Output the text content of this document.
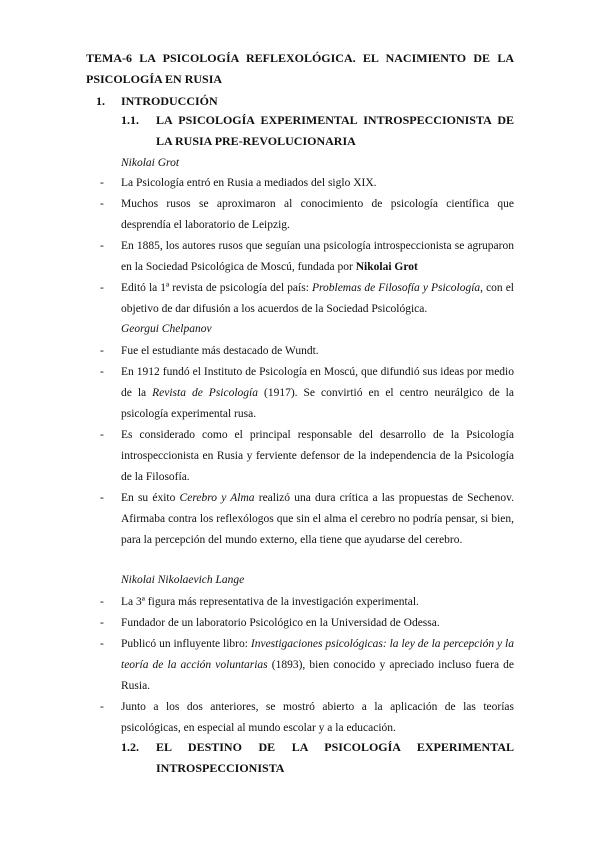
TEMA-6 LA PSICOLOGÍA REFLEXOLÓGICA. EL NACIMIENTO DE LA PSICOLOGÍA EN RUSIA
1. INTRODUCCIÓN
1.1. LA PSICOLOGÍA EXPERIMENTAL INTROSPECCIONISTA DE LA RUSIA PRE-REVOLUCIONARIA
Nikolai Grot
- La Psicología entró en Rusia a mediados del siglo XIX.
- Muchos rusos se aproximaron al conocimiento de psicología científica que desprendía el laboratorio de Leipzig.
- En 1885, los autores rusos que seguían una psicología introspeccionista se agruparon en la Sociedad Psicológica de Moscú, fundada por Nikolai Grot
- Editó la 1ª revista de psicología del país: Problemas de Filosofía y Psicología, con el objetivo de dar difusión a los acuerdos de la Sociedad Psicológica.
Georgui Chelpanov
- Fue el estudiante más destacado de Wundt.
- En 1912 fundó el Instituto de Psicología en Moscú, que difundió sus ideas por medio de la Revista de Psicología (1917). Se convirtió en el centro neurálgico de la psicología experimental rusa.
- Es considerado como el principal responsable del desarrollo de la Psicología introspeccionista en Rusia y ferviente defensor de la independencia de la Psicología de la Filosofía.
- En su éxito Cerebro y Alma realizó una dura crítica a las propuestas de Sechenov. Afirmaba contra los reflexólogos que sin el alma el cerebro no podría pensar, si bien, para la percepción del mundo externo, ella tiene que ayudarse del cerebro.
Nikolai Nikolaevich Lange
- La 3ª figura más representativa de la investigación experimental.
- Fundador de un laboratorio Psicológico en la Universidad de Odessa.
- Publicó un influyente libro: Investigaciones psicológicas: la ley de la percepción y la teoría de la acción voluntarias (1893), bien conocido y apreciado incluso fuera de Rusia.
- Junto a los dos anteriores, se mostró abierto a la aplicación de las teorías psicológicas, en especial al mundo escolar y a la educación.
1.2. EL DESTINO DE LA PSICOLOGÍA EXPERIMENTAL INTROSPECCIONISTA
